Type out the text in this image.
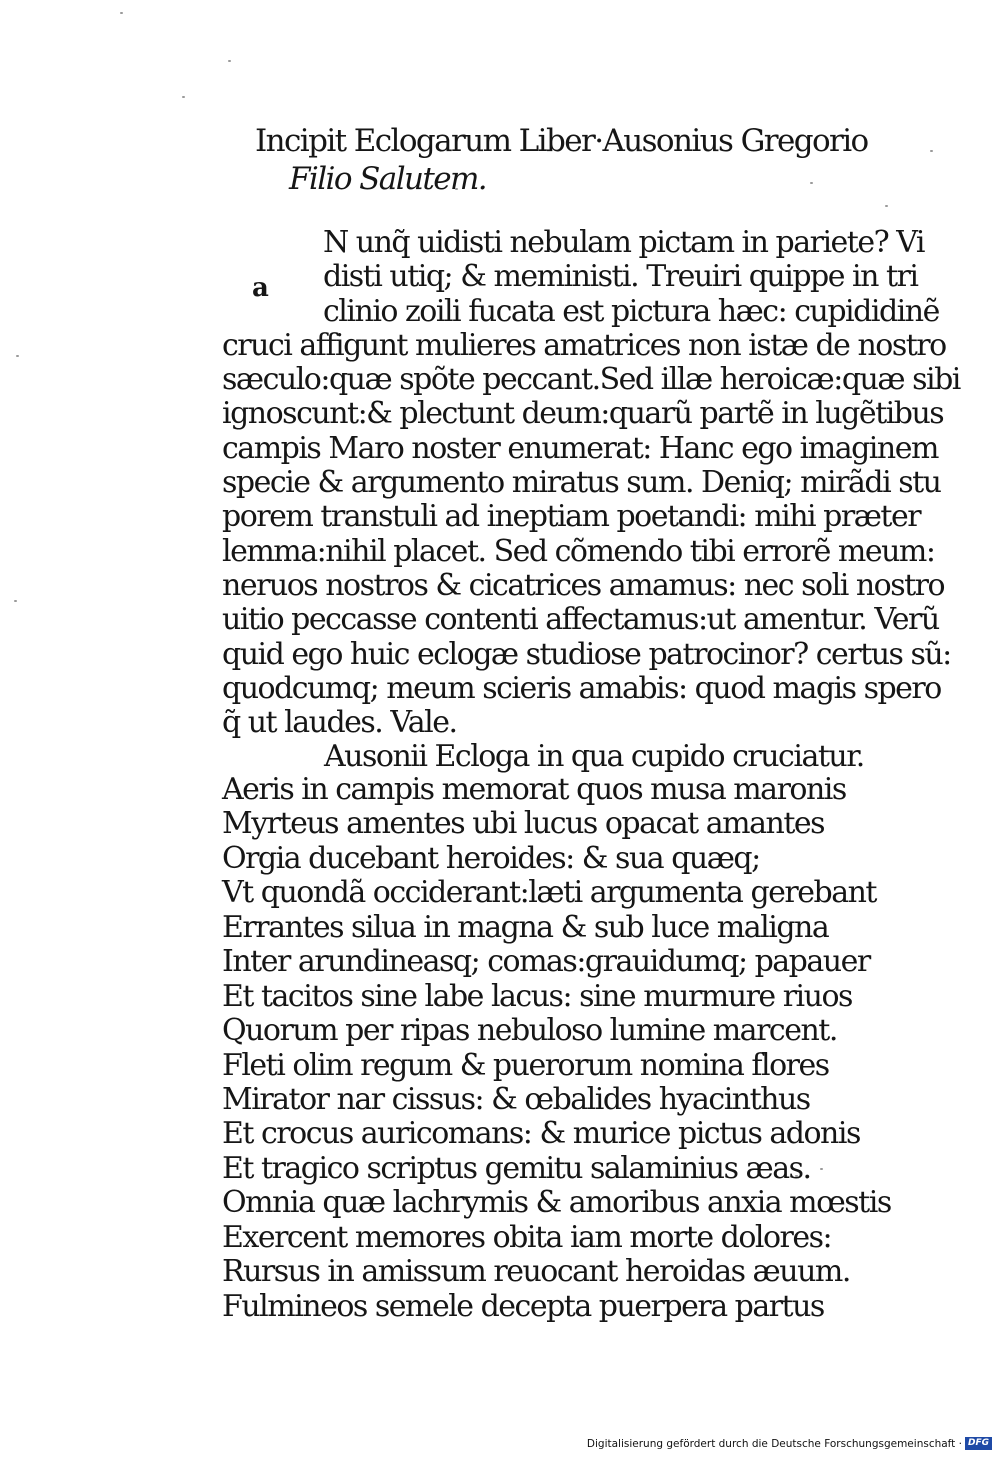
Incipit Eclogarum Liber·Ausonius Gregorio
Filio Salutem.
a
N unq̃ uidisti nebulam pictam in pariete? Vi
disti utiq; & meministi. Treuiri quippe in tri
clinio zoili fucata est pictura hæc: cupididinẽ
cruci affigunt mulieres amatrices non istæ de nostro
sæculo:quæ spõte peccant.Sed illæ heroicæ:quæ sibi
ignoscunt:& plectunt deum:quarũ partẽ in lugẽtibus
campis Maro noster enumerat: Hanc ego imaginem
specie & argumento miratus sum. Deniq; mirãdi stu
porem transtuli ad ineptiam poetandi: mihi præter
lemma:nihil placet. Sed cõmendo tibi errorẽ meum:
neruos nostros & cicatrices amamus: nec soli nostro
uitio peccasse contenti affectamus:ut amentur. Verũ
quid ego huic eclogæ studiose patrocinor? certus sũ:
quodcumq; meum scieris amabis: quod magis spero
q̃ ut laudes. Vale.
Ausonii Ecloga in qua cupido cruciatur.
Aeris in campis memorat quos musa maronis
Myrteus amentes ubi lucus opacat amantes
Orgia ducebant heroides: & sua quæq;
Vt quondã occiderant:læti argumenta gerebant
Errantes silua in magna & sub luce maligna
Inter arundineasq; comas:grauidumq; papauer
Et tacitos sine labe lacus: sine murmure riuos
Quorum per ripas nebuloso lumine marcent.
Fleti olim regum & puerorum nomina flores
Mirator nar cissus: & œbalides hyacinthus
Et crocus auricomans: & murice pictus adonis
Et tragico scriptus gemitu salaminius æas.
Omnia quæ lachrymis & amoribus anxia mœstis
Exercent memores obita iam morte dolores:
Rursus in amissum reuocant heroidas æuum.
Fulmineos semele decepta puerpera partus
Digitalisierung gefördert durch die Deutsche Forschungsgemeinschaft · DFG
